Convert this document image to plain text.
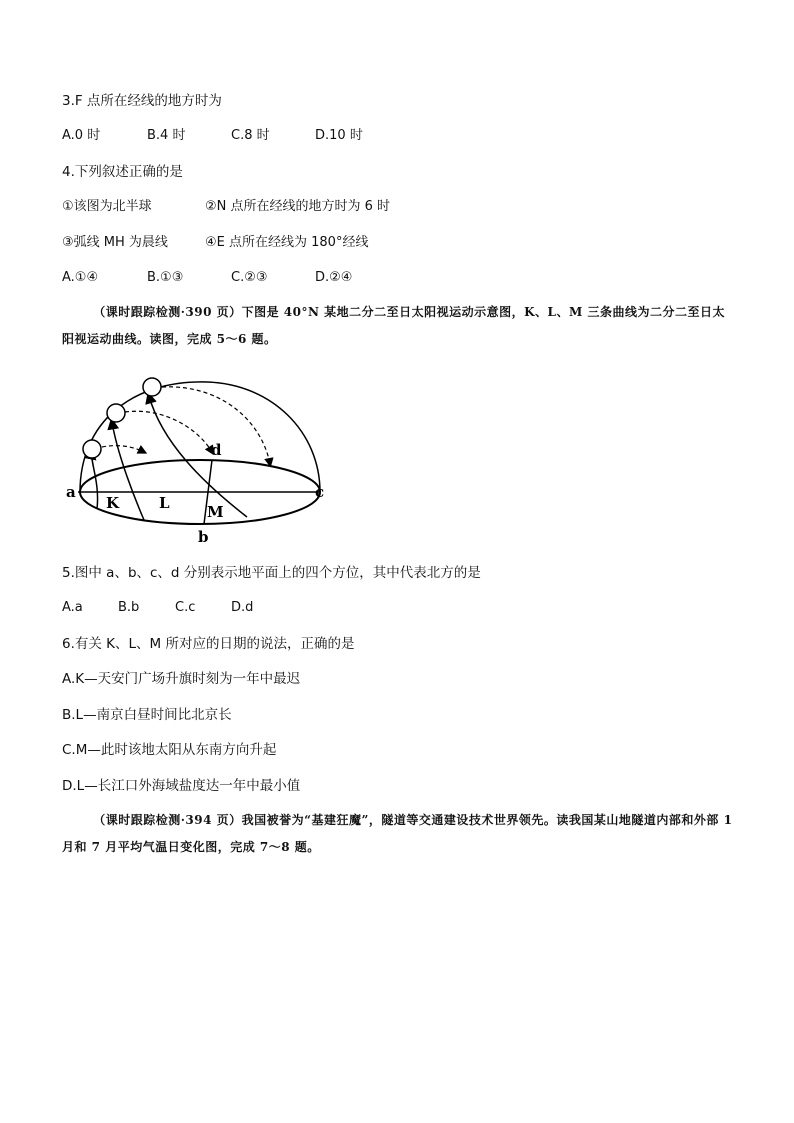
3.F 点所在经线的地方时为
A.0 时	B.4 时	C.8 时	D.10 时
4.下列叙述正确的是
①该图为北半球	②N 点所在经线的地方时为 6 时
③弧线 MH 为晨线	④E 点所在经线为 180°经线
A.①④	B.①③	C.②③	D.②④
（课时跟踪检测·390 页）下图是 40°N 某地二分二至日太阳视运动示意图，K、L、M 三条曲线为二分二至日太阳视运动曲线。读图，完成 5～6 题。
a
b
c
d
K	L M
5.图中 a、b、c、d 分别表示地平面上的四个方位，其中代表北方的是
A.a	B.b	C.c	D.d
6.有关 K、L、M 所对应的日期的说法，正确的是
A.K—天安门广场升旗时刻为一年中最迟
B.L—南京白昼时间比北京长
C.M—此时该地太阳从东南方向升起
D.L—长江口外海域盐度达一年中最小值
（课时跟踪检测·394 页）我国被誉为“基建狂魔”，隧道等交通建设技术世界领先。读我国某山地隧道内部和外部 1 月和 7 月平均气温日变化图，完成 7～8 题。
